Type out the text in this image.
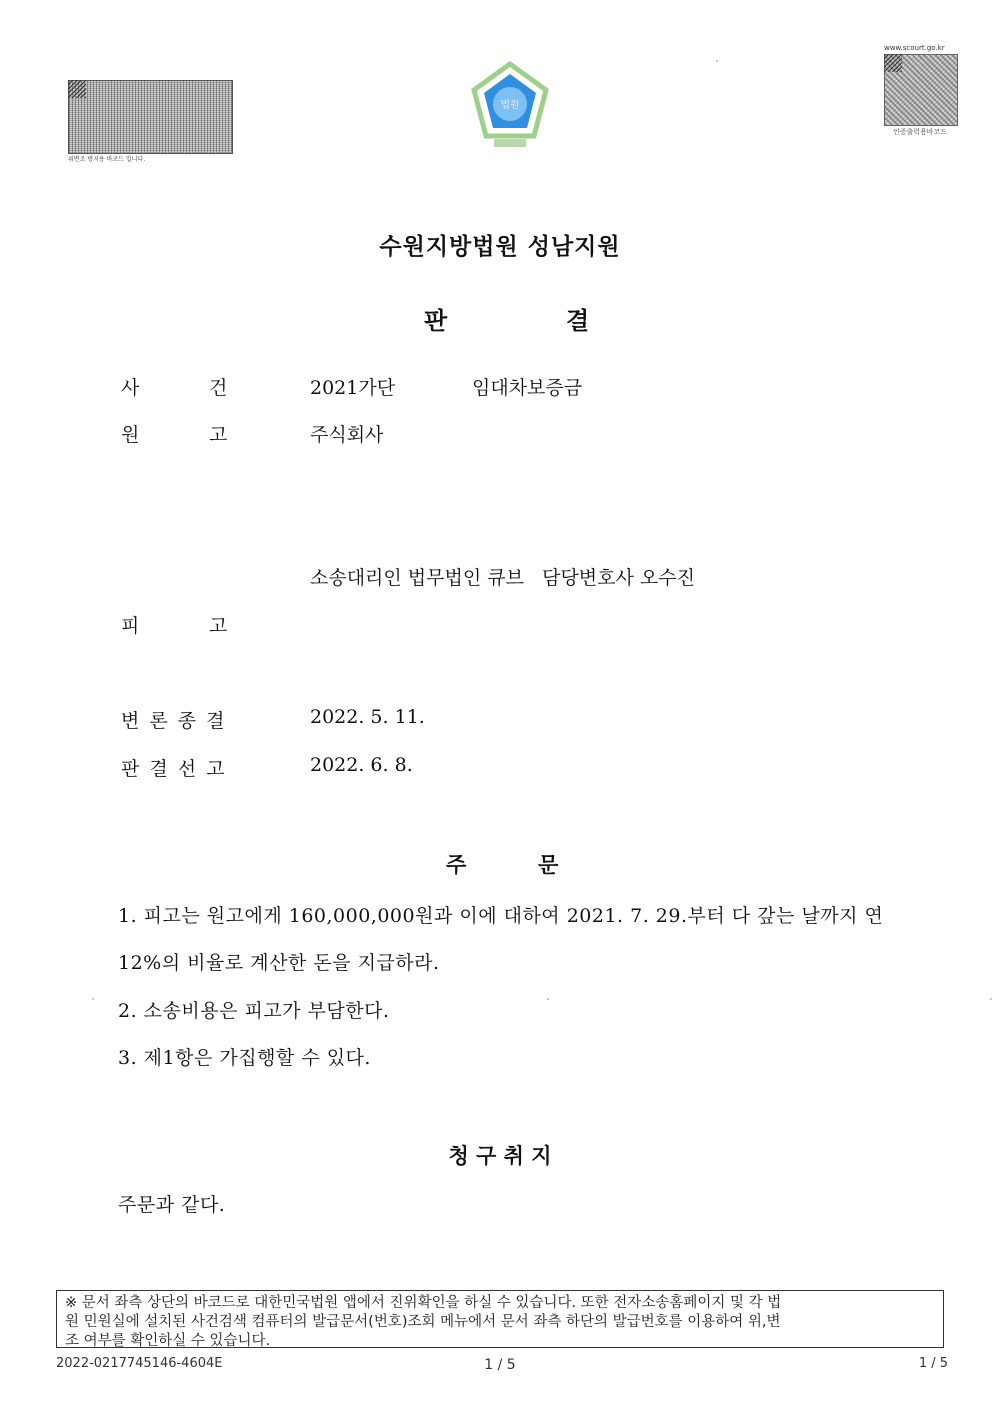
위변조 방지용 바코드 입니다.
법원
www.scourt.go.kr
인증출력용바코드
수원지방법원 성남지원
판	결
사	건	2021가단	임대차보증금
원	고	주식회사
소송대리인 법무법인 큐브   담당변호사 오수진
피	고
변 론 종 결	2022. 5. 11.
판 결 선 고	2022. 6. 8.
주	문
1. 피고는 원고에게 160,000,000원과 이에 대하여 2021. 7. 29.부터 다 갚는 날까지 연
12%의 비율로 계산한 돈을 지급하라.
2. 소송비용은 피고가 부담한다.
3. 제1항은 가집행할 수 있다.
청 구 취 지
주문과 같다.
※ 문서 좌측 상단의 바코드로 대한민국법원 앱에서 진위확인을 하실 수 있습니다. 또한 전자소송홈페이지 및 각 법
원 민원실에 설치된 사건검색 컴퓨터의 발급문서(번호)조회 메뉴에서 문서 좌측 하단의 발급번호를 이용하여 위,변
조 여부를 확인하실 수 있습니다.
2022-0217745146-4604E	1 / 5	1 / 5
